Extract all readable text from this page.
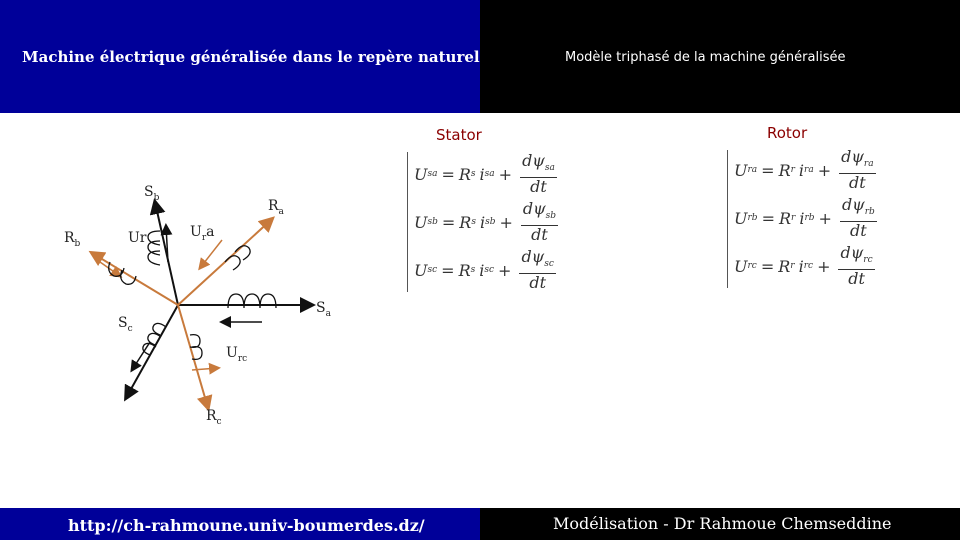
Machine électrique généralisée dans le repère naturel	Modèle triphasé de la machine généralisée
Stator	Rotor
$S_b$
$R_a$
$R_b$	Ur	$U_ra$
$S_a$
$S_c$
$U_{rc}$
$R_c$
U sa = R s i sa + $\frac{d\psi_{sa}}{dt}$
U sb = R s i sb + $\frac{d\psi_{sb}}{dt}$
U sc = R s i sc + $\frac{d\psi_{sc}}{dt}$
U ra = R r i ra + $\frac{d\psi_{ra}}{dt}$
U rb = R r i rb + $\frac{d\psi_{rb}}{dt}$
U rc = R r i rc + $\frac{d\psi_{rc}}{dt}$
http://ch-rahmoune.univ-boumerdes.dz/	Modélisation - Dr Rahmoue Chemseddine
